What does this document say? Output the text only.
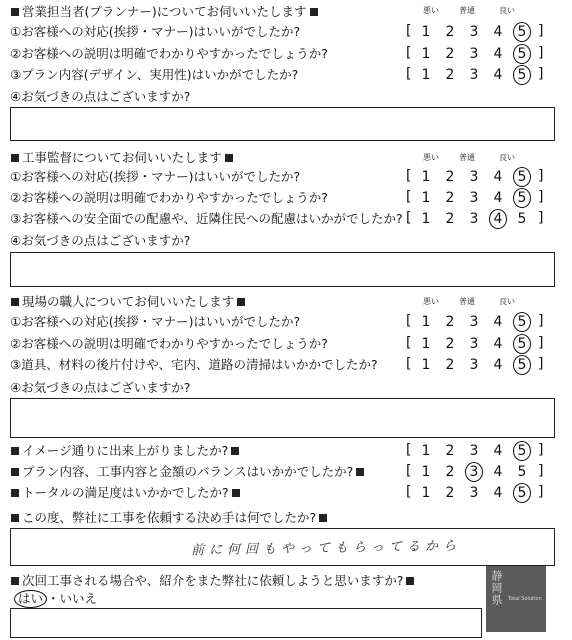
営業担当者(プランナー)についてお伺いいたします	悪い	普通	良い
①お客様への対応(挨拶・マナー)はいいがでしたか?	[ 1 2 3 4 5 ]
②お客様への説明は明確でわかりやすかったでしょうか?	[ 1 2 3 4 5 ]
③プラン内容(デザイン、実用性)はいかがでしたか?	[ 1 2 3 4 5 ]
④お気づきの点はございますか?
工事監督についてお伺いいたします	悪い	普通	良い
①お客様への対応(挨拶・マナー)はいいがでしたか?	[ 1 2 3 4 5 ]
②お客様への説明は明確でわかりやすかったでしょうか?	[ 1 2 3 4 5 ]
③お客様への安全面での配慮や、近隣住民への配慮はいかがでしたか? [ 1 2 3 4 5 ]
④お気づきの点はございますか?
現場の職人についてお伺いいたします	悪い	普通	良い
①お客様への対応(挨拶・マナー)はいいがでしたか?	[ 1 2 3 4 5 ]
②お客様への説明は明確でわかりやすかったでしょうか?	[ 1 2 3 4 5 ]
③道具、材料の後片付けや、宅内、道路の清掃はいかかでしたか? [ 1 2 3 4 5 ]
④お気づきの点はございますか?
イメージ通りに出来上がりましたか?	[ 1 2 3 4 5 ]
プラン内容、工事内容と金額のバランスはいかかでしたか?	[ 1 2 3 4 5 ]
トータルの満足度はいかかでしたか?	[ 1 2 3 4 5 ]
この度、弊社に工事を依頼する決め手は何でしたか?
前に何回もやってもらってるから
次回工事される場合や、紹介をまた弊社に依頼しようと思いますか?
はい ・いいえ	静岡県 Total Solution
